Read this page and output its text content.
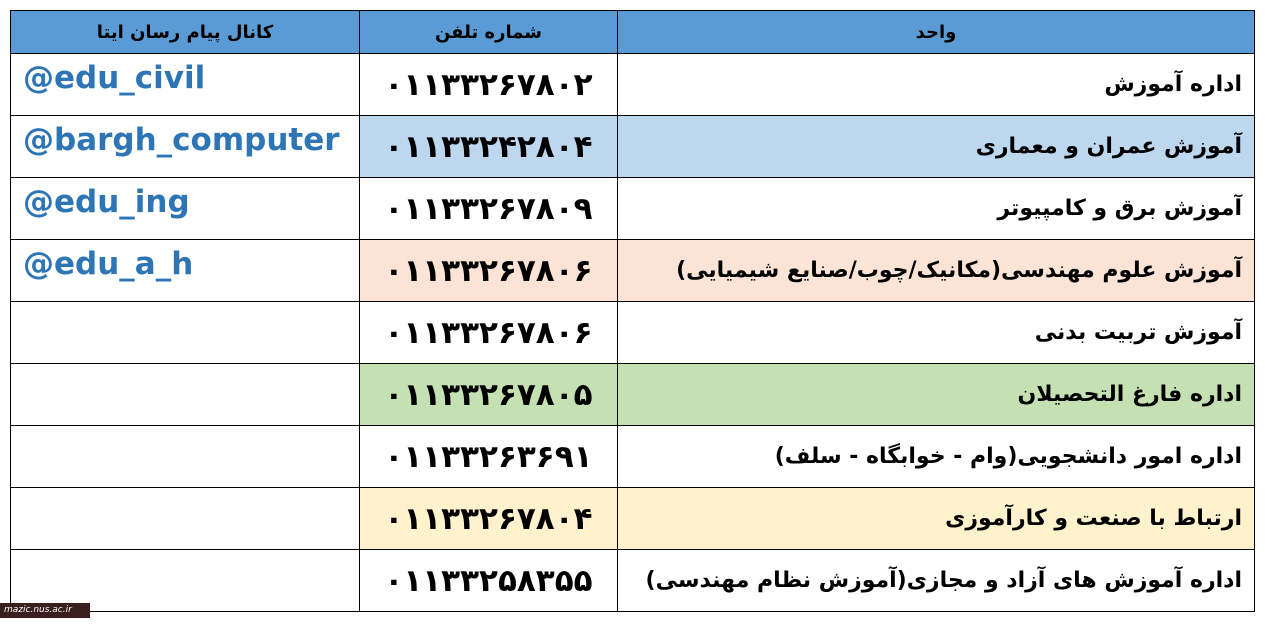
کانال پیام رسان ایتا	شماره تلفن	واحد
@edu_civil	۰۱۱۳۳۲۶۷۸۰۲	اداره آموزش
@bargh_computer	۰۱۱۳۳۲۴۲۸۰۴	آموزش عمران و معماری
@edu_ing	۰۱۱۳۳۲۶۷۸۰۹	آموزش برق و کامپیوتر
@edu_a_h	۰۱۱۳۳۲۶۷۸۰۶	آموزش علوم مهندسی(مکانیک/چوب/صنایع شیمیایی)
	۰۱۱۳۳۲۶۷۸۰۶	آموزش تربیت بدنی
	۰۱۱۳۳۲۶۷۸۰۵	اداره فارغ التحصیلان
	۰۱۱۳۳۲۶۳۶۹۱	اداره امور دانشجویی(وام - خوابگاه - سلف)
	۰۱۱۳۳۲۶۷۸۰۴	ارتباط با صنعت و کارآموزی
	۰۱۱۳۳۲۵۸۳۵۵	اداره آموزش های آزاد و مجازی(آموزش نظام مهندسی)
mazic.nus.ac.ir
